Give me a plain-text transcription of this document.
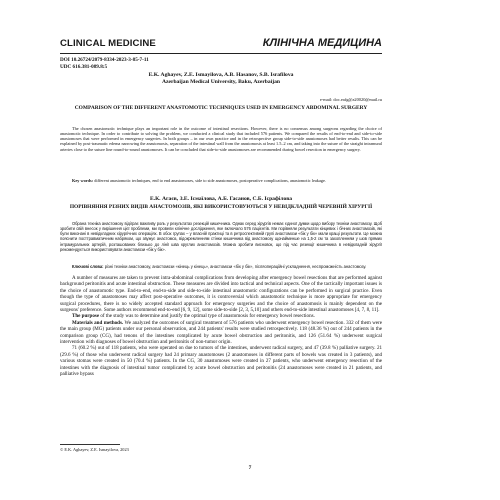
CLINICAL MEDICINE	КЛІНІЧНА МЕДИЦИНА
DOI 10.26724/2079-8334-2023-3-85-7-11
UDC 616.381-089.8:5
E.K. Aghayev, Z.E. Ismayilova, A.B. Hasanov, S.B. Israfilova
Azerbaijan Medical University, Baku, Azerbaijan
e-mail: doc.eafg@a20020@mail.ru
COMPARISON OF THE DIFFERENT ANASTOMOTIC TECHNIQUES USED IN EMERGENCY ABDOMINAL SURGERY
The chosen anastomotic technique plays an important role in the outcome of intestinal resections. However, there is no consensus among surgeons regarding the choice of anastomotic technique. In order to contribute to solving the problem, we conducted a clinical study that included 576 patients. We compared the results of end-to-end and side-to-side anastomoses that were performed in emergency surgeries. In both groups – in our own practice and in the retrospective group side-to-side anastomoses had better results. This can be explained by post-traumatic edema narrowing the anastomosis, separation of the intestinal wall from the anastomosis at least 1.5–2 cm, and taking into the suture of the straight intramural arteries close to the suture line round-to-round anastomoses. It can be concluded that side-to-side anastomoses are recommended during bowel resection in emergency surgery.
Key words: different anastomotic techniques, end to end anastomoses, side to side anastomoses, postoperative complications, anastomotic leakage.
Е.К. Агаєв, З.Е. Ісмаїлова, А.Б. Гасанов, С.Б. Ісрафілова
ПОРІВНЯННЯ РІЗНИХ ВИДІВ АНАСТОМОЗІВ, ЯКІ ВИКОРИСТОВУЮТЬСЯ У НЕВІДКЛАДНІЙ ЧЕРЕВНІЙ ХІРУРГІЇ
Обрана техніка анастомозу відіграє важливу роль у результатах резекцій кишечника. Однак серед хірургів немає єдиної думки щодо вибору техніки анастомозу. Щоб зробити свій внесок у вирішення цієї проблеми, ми провели клінічне дослідження, яке включало 576 пацієнтів. Ми порівняли результати кінцевих і бічних анастомозів, які були виконані в невідкладних хірургічних операціях. В обох групах – у власній практиці та в ретроспективній групі анастомози «бік у бік» мали кращі результати. Це можна пояснити посттравматичним набряком, що звужує анастомоз, відокремленням стінки кишечника від анастомозу щонайменше на 1,5-2 см та захопленням у шов прямих інтрамуральних артерій, розташованих близько до лінії шва круглих анастомозів. Можна зробити висновок, що під час резекції кишечника в невідкладній хірургії рекомендується використовувати анастомози «бік у бік».
Ключові слова: різні техніки анастомозу, анастомози «кінець у кінець», анастомози «бік у бік», післяопераційні ускладнення, неспроможність анастомозу.

A number of measures are taken to prevent intra-abdominal complications from developing after emergency bowel resections that are performed against background peritonitis and acute intestinal obstruction. These measures are divided into tactical and technical aspects. One of the tactically important issues is the choice of anastomotic type. End-to-end, end-to-side and side-to-side intestinal anastomotic configurations can be performed in surgical practice. Even though the type of anastomoses may affect post-operative outcomes, it is controversial which anastomotic technique is more appropriate for emergency surgical procedures, there is no widely accepted standard approach for emergency surgeries and the choice of anastomosis is mainly dependent on the surgeons' preference. Some authors recommend end-to-end [6, 9, 12], some side-to-side [2, 3, 5,10] and others end-to-side intestinal anastomoses [4, 7, 8, 11].

The purpose of the study was to determine and justify the optimal type of anastomosis for emergency bowel resections.

Materials and methods. We analyzed the outcomes of surgical treatment of 576 patients who underwent emergency bowel resection. 332 of them were the main group (MG) patients under our personal observation, and 244 patients' results were studied retrospectively. 118 (48.36 %) out of 244 patients in the comparison group (CG), had tenons of the intestines complicated by acute bowel obstruction and peritonitis, and 126 (51.64 %) underwent surgical intervention with diagnoses of bowel obstruction and peritonitis of non-tumor origin.

71 (60.2 %) out of 118 patients, who were operated on due to tumors of the intestines, underwent radical surgery, and 47 (39.8 %) palliative surgery. 21 (29.6 %) of those who underwent radical surgery had 24 primary anastomoses (2 anastomoses in different parts of bowels was created in 3 patients), and various stomas were created in 50 (70.4 %) patients. In the CG, 30 anastomoses were created in 27 patients, who underwent emergency resection of the intestines with the diagnosis of intestinal tumor complicated by acute bowel obstruction and peritonitis (24 anastomoses were created in 21 patients, and palliative bypass

© E.K. Aghayev, Z.E. Ismayilova, 2023
7
